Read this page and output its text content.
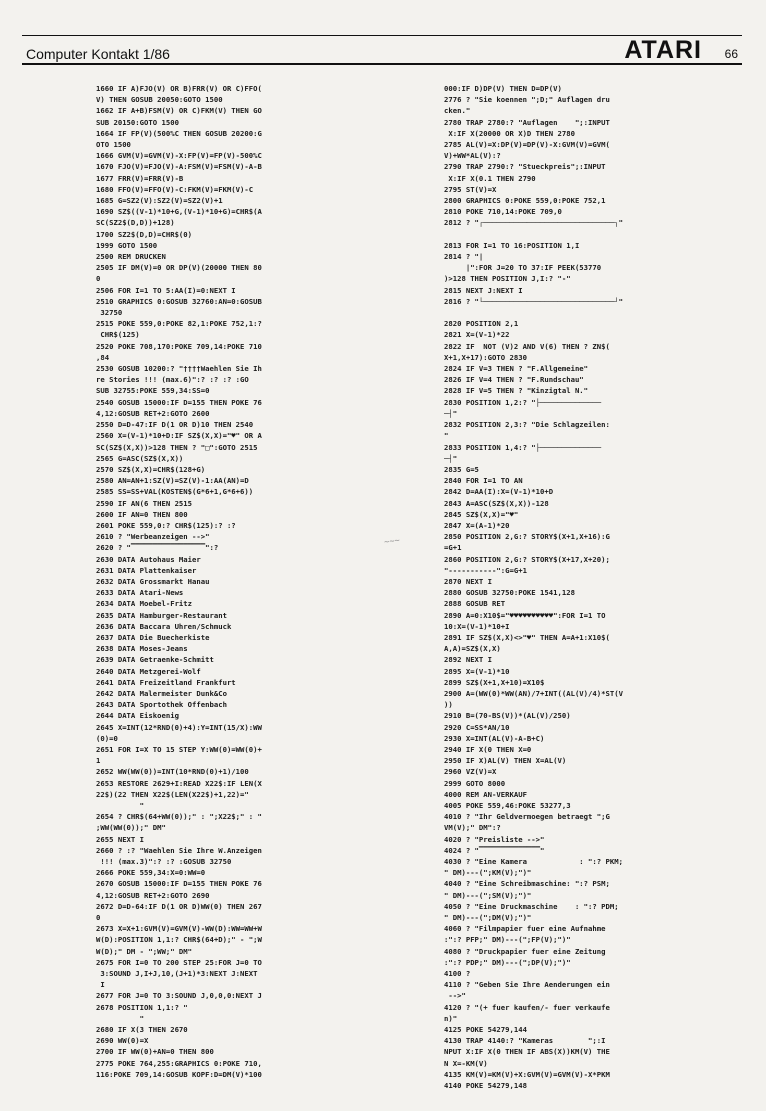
Computer Kontakt 1/86	ATARI 66
1660 IF A)FJO(V) OR B)FRR(V) OR C)FFO(
V) THEN GOSUB 20050:GOTO 1500
1662 IF A+B)FSM(V) OR C)FKM(V) THEN GO
SUB 20150:GOTO 1500
1664 IF FP(V)(500%C THEN GOSUB 20200:G
OTO 1500
1666 GVM(V)=GVM(V)-X:FP(V)=FP(V)-500%C
1670 FJO(V)=FJO(V)-A:FSM(V)=FSM(V)-A-B
1677 FRR(V)=FRR(V)-B
1680 FFO(V)=FFO(V)-C:FKM(V)=FKM(V)-C
1685 G=SZ2(V):SZ2(V)=SZ2(V)+1
1690 SZ$((V-1)*10+G,(V-1)*10+G)=CHR$(A
SC(SZ2$(D,D))+128)
1700 SZ2$(D,D)=CHR$(0)
1999 GOTO 1500
2500 REM DRUCKEN
2505 IF DM(V)=0 OR DP(V)(20000 THEN 80
0
2506 FOR I=1 TO 5:AA(I)=0:NEXT I
2510 GRAPHICS 0:GOSUB 32760:AN=0:GOSUB
32750
2515 POKE 559,0:POKE 82,1:POKE 752,1:?
CHR$(125)
2520 POKE 708,170:POKE 709,14:POKE 710
,84
2530 GOSUB 10200:? "††††Waehlen Sie Ih
re Stories !!! (max.6)":? :? :? :GO
SUB 32755:POKE 559,34:SS=0
2540 GOSUB 15000:IF D=155 THEN POKE 76
4,12:GOSUB RET+2:GOTO 2600
2550 D=D-47:IF D(1 OR D)10 THEN 2540
2560 X=(V-1)*10+D:IF SZ$(X,X)="♥" OR A
SC(SZ$(X,X))>128 THEN ? "□":GOTO 2515
2565 G=ASC(SZ$(X,X))
2570 SZ$(X,X)=CHR$(128+G)
2580 AN=AN+1:SZ(V)=SZ(V)-1:AA(AN)=D
2585 SS=SS+VAL(KOSTEN$(G*6+1,G*6+6))
2590 IF AN(6 THEN 2515
2600 IF AN=0 THEN 800
2601 POKE 559,0:? CHR$(125):? :?
2610 ? "Werbeanzeigen -->"
2620 ? "▔▔▔▔▔▔▔▔▔▔▔▔▔▔▔▔▔":?
2630 DATA Autohaus Maier
2631 DATA Plattenkaiser
2632 DATA Grossmarkt Hanau
2633 DATA Atari-News
2634 DATA Moebel-Fritz
2635 DATA Hamburger-Restaurant
2636 DATA Baccara Uhren/Schmuck
2637 DATA Die Buecherkiste
2638 DATA Moses-Jeans
2639 DATA Getraenke-Schmitt
2640 DATA Metzgerei-Wolf
2641 DATA Freizeitland Frankfurt
2642 DATA Malermeister Dunk&Co
2643 DATA Sportothek Offenbach
2644 DATA Eiskoenig
2645 X=INT(12*RND(0)+4):Y=INT(15/X):WW
(0)=0
2651 FOR I=X TO 15 STEP Y:WW(0)=WW(0)+
1
2652 WW(WW(0))=INT(10*RND(0)+1)/100
2653 RESTORE 2629+I:READ X22$:IF LEN(X
22$)(22 THEN X22$(LEN(X22$)+1,22)="
"
2654 ? CHR$(64+WW(0));" : ";X22$;" : "
;WW(WW(0));" DM"
2655 NEXT I
2660 ? :? "Waehlen Sie Ihre W.Anzeigen
!!! (max.3)":? :? :GOSUB 32750
2666 POKE 559,34:X=0:WW=0
2670 GOSUB 15000:IF D=155 THEN POKE 76
4,12:GOSUB RET+2:GOTO 2690
2672 D=D-64:IF D(1 OR D)WW(0) THEN 267
0
2673 X=X+1:GVM(V)=GVM(V)-WW(D):WW=WW+W
W(D):POSITION 1,1:? CHR$(64+D);" - ";W
W(D);" DM - ";WW;" DM"
2675 FOR I=0 TO 200 STEP 25:FOR J=0 TO
3:SOUND J,I+J,10,(J+1)*3:NEXT J:NEXT
I
2677 FOR J=0 TO 3:SOUND J,0,0,0:NEXT J
2678 POSITION 1,1:? "
"
2680 IF X(3 THEN 2670
2690 WW(0)=X
2700 IF WW(0)+AN=0 THEN 800
2775 POKE 764,255:GRAPHICS 0:POKE 710,
116:POKE 709,14:GOSUB KOPF:D=DM(V)*100
000:IF D)DP(V) THEN D=DP(V)
2776 ? "Sie koennen ";D;" Auflagen dru
cken."
2780 TRAP 2780:? "Auflagen    ";:INPUT
X:IF X(20000 OR X)D THEN 2780
2785 AL(V)=X:DP(V)=DP(V)-X:GVM(V)=GVM(
V)+WW*AL(V):?
2790 TRAP 2790:? "Stueckpreis";:INPUT
X:IF X(0.1 THEN 2790
2795 ST(V)=X
2800 GRAPHICS 0:POKE 559,0:POKE 752,1
2810 POKE 710,14:POKE 709,0
2812 ? "┌──────────────────────────────┐"

2813 FOR I=1 TO 16:POSITION 1,I
2814 ? "|
|":FOR J=20 TO 37:IF PEEK(53770
)>128 THEN POSITION J,I:? "-"
2815 NEXT J:NEXT I
2816 ? "└──────────────────────────────┘"

2820 POSITION 2,1
2821 X=(V-1)*22
2822 IF  NOT (V)2 AND V(6) THEN ? ZN$(
X+1,X+17):GOTO 2830
2824 IF V=3 THEN ? "F.Allgemeine"
2826 IF V=4 THEN ? "F.Rundschau"
2828 IF V=5 THEN ? "Kinzigtal N."
2830 POSITION 1,2:? "├──────────────
─┤"
2832 POSITION 2,3:? "Die Schlagzeilen:
"
2833 POSITION 1,4:? "├──────────────
─┤"
2835 G=5
2840 FOR I=1 TO AN
2842 D=AA(I):X=(V-1)*10+D
2843 A=ASC(SZ$(X,X))-128
2845 SZ$(X,X)="♥"
2847 X=(A-1)*20
2850 POSITION 2,G:? STORY$(X+1,X+16):G
=G+1
2860 POSITION 2,G:? STORY$(X+17,X+20);
"-----------":G=G+1
2870 NEXT I
2880 GOSUB 32750:POKE 1541,128
2888 GOSUB RET
2890 A=0:X10$="♥♥♥♥♥♥♥♥♥♥":FOR I=1 TO
10:X=(V-1)*10+I
2891 IF SZ$(X,X)<>"♥" THEN A=A+1:X10$(
A,A)=SZ$(X,X)
2892 NEXT I
2895 X=(V-1)*10
2899 SZ$(X+1,X+10)=X10$
2900 A=(WW(0)*WW(AN)/7+INT((AL(V)/4)*ST(V
))
2910 B=(70-BS(V))*(AL(V)/250)
2920 C=SS*AN/10
2930 X=INT(AL(V)-A-B+C)
2940 IF X(0 THEN X=0
2950 IF X)AL(V) THEN X=AL(V)
2960 VZ(V)=X
2999 GOTO 8000
4000 REM AN-VERKAUF
4005 POKE 559,46:POKE 53277,3
4010 ? "Ihr Geldvermoegen betraegt ";G
VM(V);" DM":?
4020 ? "Preisliste -->"
4024 ? "▔▔▔▔▔▔▔▔▔▔▔▔▔▔"
4030 ? "Eine Kamera            : ":? PKM;
" DM)---(";KM(V);")"
4040 ? "Eine Schreibmaschine: ":? PSM;
" DM)---(";SM(V);")"
4050 ? "Eine Druckmaschine    : ":? PDM;
" DM)---(";DM(V);")"
4060 ? "Filmpapier fuer eine Aufnahme
:":? PFP;" DM)---(";FP(V);")"
4080 ? "Druckpapier fuer eine Zeitung
:":? PDP;" DM)---(";DP(V);")"
4100 ?
4110 ? "Geben Sie Ihre Aenderungen ein
-->"
4120 ? "(+ fuer kaufen/- fuer verkaufe
n)"
4125 POKE 54279,144
4130 TRAP 4140:? "Kameras        ";:I
NPUT X:IF X(0 THEN IF ABS(X))KM(V) THE
N X=-KM(V)
4135 KM(V)=KM(V)+X:GVM(V)=GVM(V)-X*PKM
4140 POKE 54279,148
~~~
